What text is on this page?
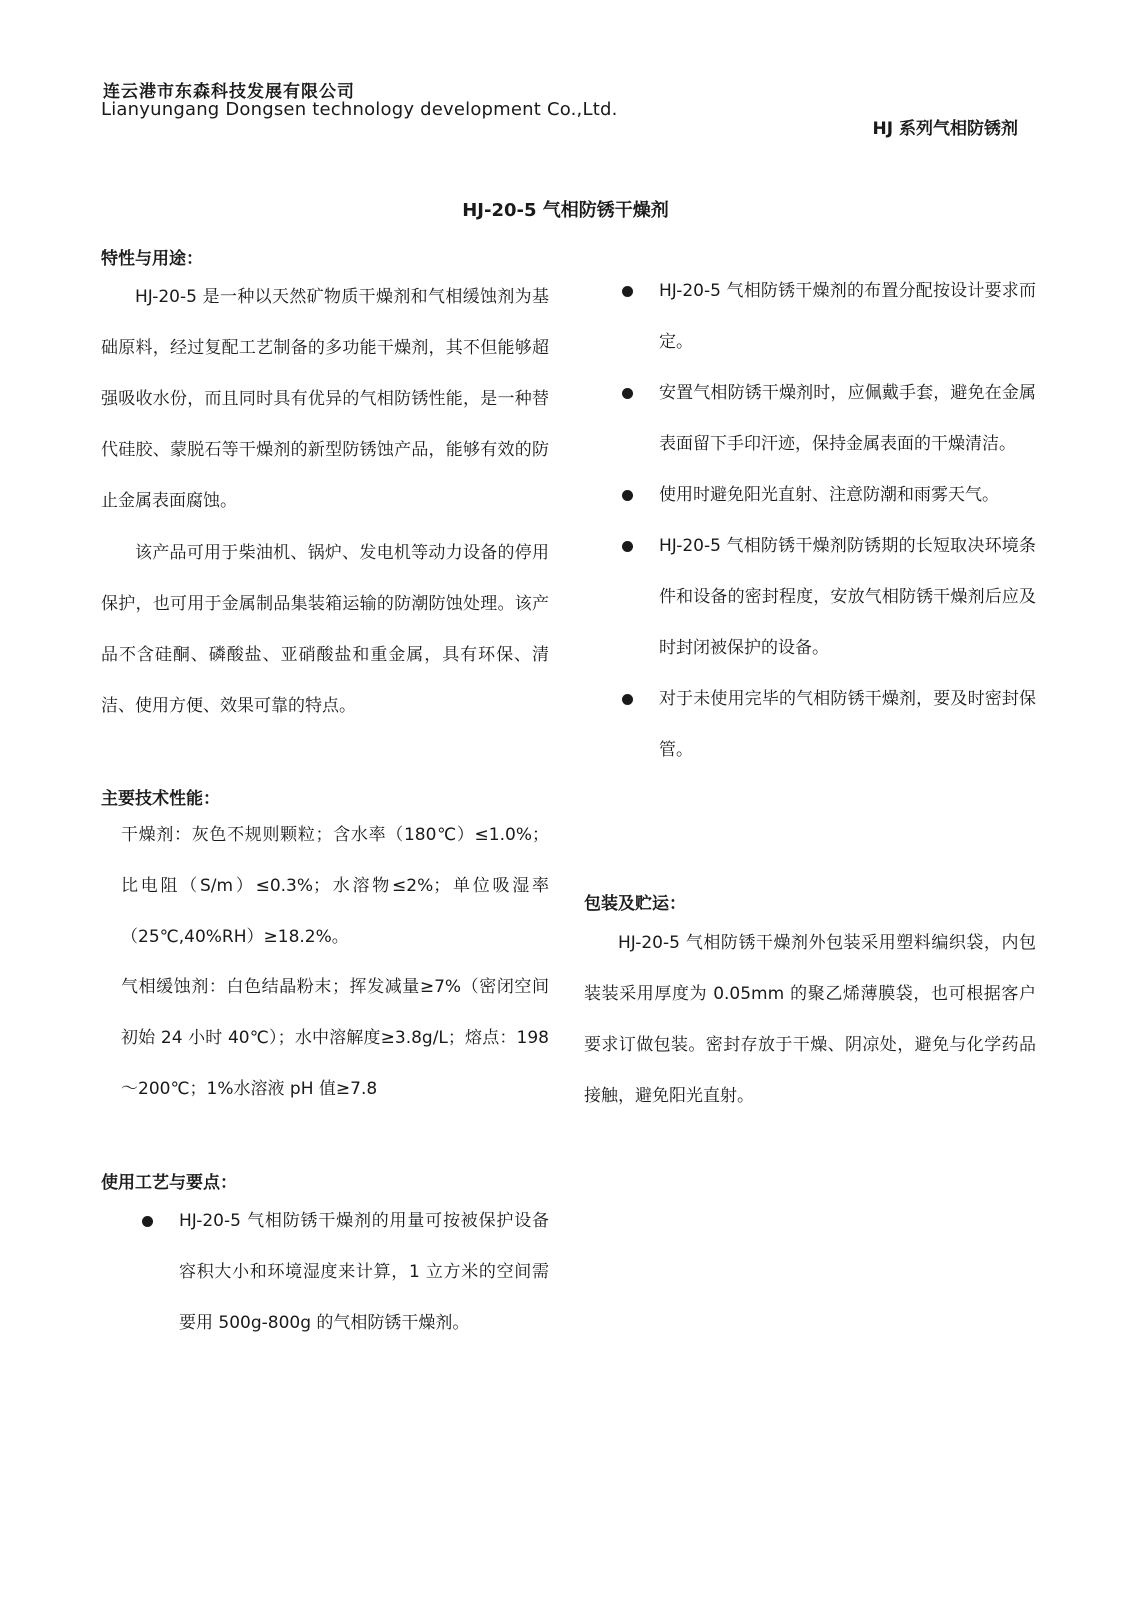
连云港市东森科技发展有限公司
Lianyungang Dongsen technology development Co.,Ltd.
HJ 系列气相防锈剂
HJ-20-5 气相防锈干燥剂
特性与用途：
HJ-20-5 是一种以天然矿物质干燥剂和气相缓蚀剂为基础原料，经过复配工艺制备的多功能干燥剂，其不但能够超强吸收水份，而且同时具有优异的气相防锈性能，是一种替代硅胶、蒙脱石等干燥剂的新型防锈蚀产品，能够有效的防止金属表面腐蚀。
该产品可用于柴油机、锅炉、发电机等动力设备的停用保护，也可用于金属制品集装箱运输的防潮防蚀处理。该产品不含硅酮、磷酸盐、亚硝酸盐和重金属，具有环保、清洁、使用方便、效果可靠的特点。
主要技术性能：
干燥剂：灰色不规则颗粒；含水率（180℃）≤1.0%；比电阻（S/m）≤0.3%；水溶物≤2%；单位吸湿率（25℃,40%RH）≥18.2%。
气相缓蚀剂：白色结晶粉末；挥发减量≥7%（密闭空间初始 24 小时 40℃）；水中溶解度≥3.8g/L；熔点：198～200℃；1%水溶液 pH 值≥7.8
使用工艺与要点：
HJ-20-5 气相防锈干燥剂的用量可按被保护设备容积大小和环境湿度来计算，1 立方米的空间需要用 500g-800g 的气相防锈干燥剂。
HJ-20-5 气相防锈干燥剂的布置分配按设计要求而定。
安置气相防锈干燥剂时，应佩戴手套，避免在金属表面留下手印汗迹，保持金属表面的干燥清洁。
使用时避免阳光直射、注意防潮和雨雾天气。
HJ-20-5 气相防锈干燥剂防锈期的长短取决环境条件和设备的密封程度，安放气相防锈干燥剂后应及时封闭被保护的设备。
对于未使用完毕的气相防锈干燥剂，要及时密封保管。
包装及贮运：
HJ-20-5 气相防锈干燥剂外包装采用塑料编织袋，内包装装采用厚度为 0.05mm 的聚乙烯薄膜袋，也可根据客户要求订做包装。密封存放于干燥、阴凉处，避免与化学药品接触，避免阳光直射。
